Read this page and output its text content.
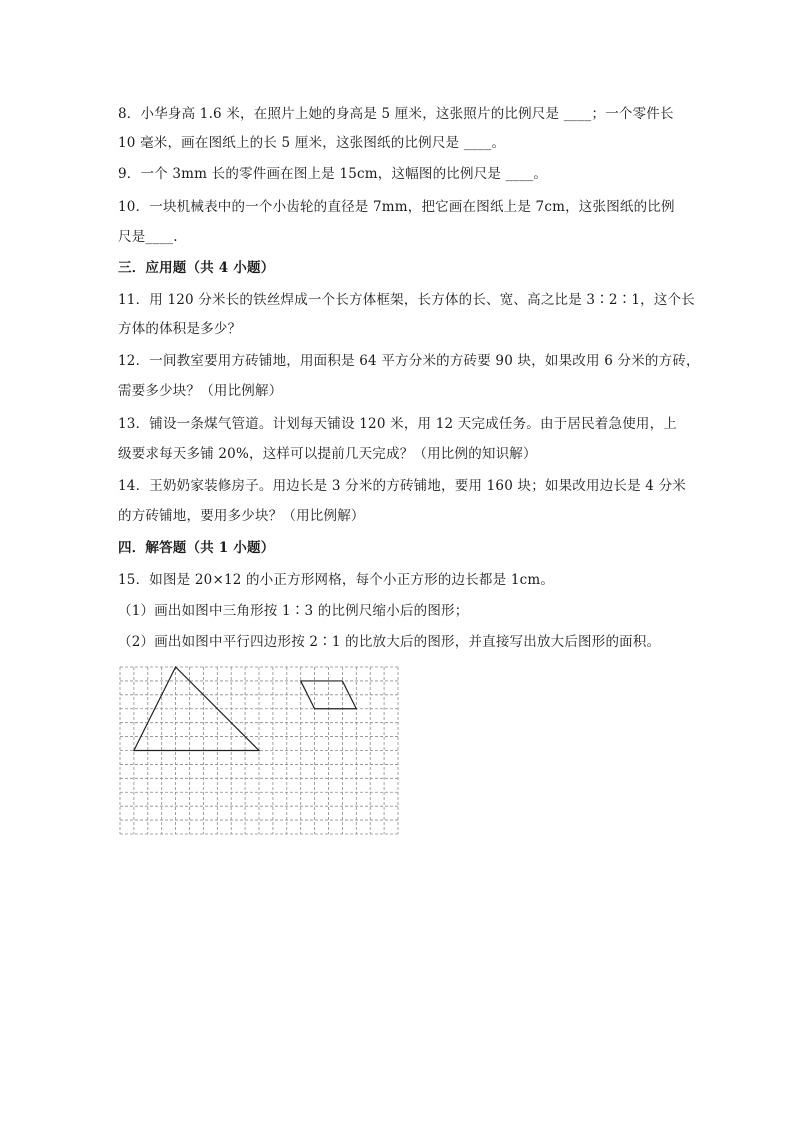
8．小华身高 1.6 米，在照片上她的身高是 5 厘米，这张照片的比例尺是 ____；一个零件长
10 毫米，画在图纸上的长 5 厘米，这张图纸的比例尺是 ____。
9．一个 3mm 长的零件画在图上是 15cm，这幅图的比例尺是 ____。
10．一块机械表中的一个小齿轮的直径是 7mm，把它画在图纸上是 7cm，这张图纸的比例
尺是____.
三．应用题（共 4 小题）
11．用 120 分米长的铁丝焊成一个长方体框架，长方体的长、宽、高之比是 3∶2∶1，这个长
方体的体积是多少？
12．一间教室要用方砖铺地，用面积是 64 平方分米的方砖要 90 块，如果改用 6 分米的方砖，
需要多少块？（用比例解）
13．铺设一条煤气管道。计划每天铺设 120 米，用 12 天完成任务。由于居民着急使用，上
级要求每天多铺 20%，这样可以提前几天完成？（用比例的知识解）
14．王奶奶家装修房子。用边长是 3 分米的方砖铺地，要用 160 块；如果改用边长是 4 分米
的方砖铺地，要用多少块？（用比例解）
四．解答题（共 1 小题）
15．如图是 20×12 的小正方形网格，每个小正方形的边长都是 1cm。
（1）画出如图中三角形按 1∶3 的比例尺缩小后的图形；
（2）画出如图中平行四边形按 2∶1 的比放大后的图形，并直接写出放大后图形的面积。
